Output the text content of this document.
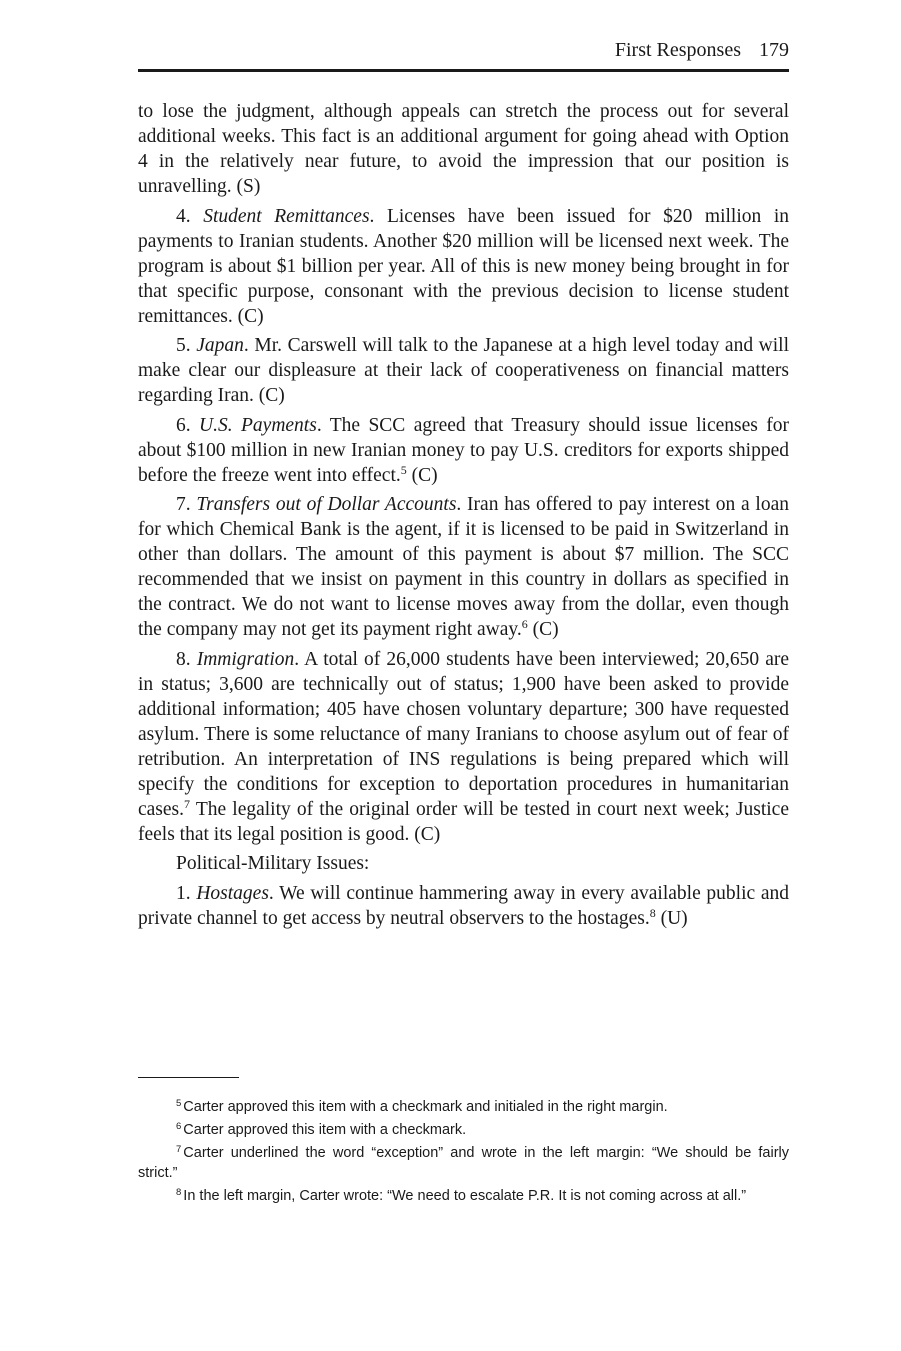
First Responses 179

to lose the judgment, although appeals can stretch the process out for several additional weeks. This fact is an additional argument for going ahead with Option 4 in the relatively near future, to avoid the impression that our position is unravelling. (S)

4. Student Remittances. Licenses have been issued for $20 million in payments to Iranian students. Another $20 million will be licensed next week. The program is about $1 billion per year. All of this is new money being brought in for that specific purpose, consonant with the previous decision to license student remittances. (C)

5. Japan. Mr. Carswell will talk to the Japanese at a high level today and will make clear our displeasure at their lack of cooperativeness on financial matters regarding Iran. (C)

6. U.S. Payments. The SCC agreed that Treasury should issue licenses for about $100 million in new Iranian money to pay U.S. creditors for exports shipped before the freeze went into effect.$^5$ (C)

7. Transfers out of Dollar Accounts. Iran has offered to pay interest on a loan for which Chemical Bank is the agent, if it is licensed to be paid in Switzerland in other than dollars. The amount of this payment is about $7 million. The SCC recommended that we insist on payment in this country in dollars as specified in the contract. We do not want to license moves away from the dollar, even though the company may not get its payment right away.$^6$ (C)

8. Immigration. A total of 26,000 students have been interviewed; 20,650 are in status; 3,600 are technically out of status; 1,900 have been asked to provide additional information; 405 have chosen voluntary departure; 300 have requested asylum. There is some reluctance of many Iranians to choose asylum out of fear of retribution. An interpretation of INS regulations is being prepared which will specify the conditions for exception to deportation procedures in humanitarian cases.$^7$ The legality of the original order will be tested in court next week; Justice feels that its legal position is good. (C)

Political-Military Issues:

1. Hostages. We will continue hammering away in every available public and private channel to get access by neutral observers to the hostages.$^8$ (U)

$^5$ Carter approved this item with a checkmark and initialed in the right margin.

$^6$ Carter approved this item with a checkmark.

$^7$ Carter underlined the word “exception” and wrote in the left margin: “We should be fairly strict.”

$^8$ In the left margin, Carter wrote: “We need to escalate P.R. It is not coming across at all.”
